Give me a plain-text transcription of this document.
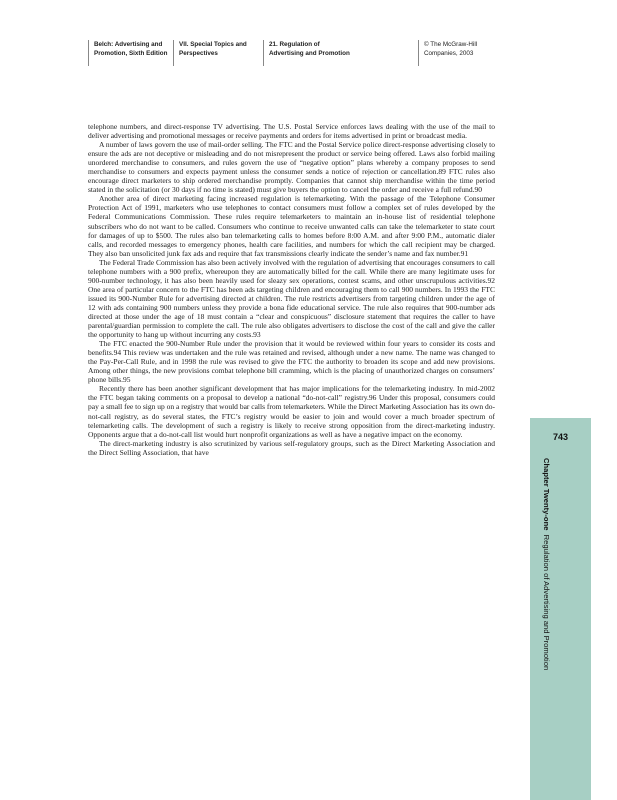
Belch: Advertising and
Promotion, Sixth Edition
VII. Special Topics and
Perspectives
21. Regulation of
Advertising and Promotion
© The McGraw-Hill
Companies, 2003

telephone numbers, and direct-response TV advertising. The U.S. Postal Service enforces laws dealing with the use of the mail to deliver advertising and promotional messages or receive payments and orders for items advertised in print or broadcast media.

A number of laws govern the use of mail-order selling. The FTC and the Postal Service police direct-response advertising closely to ensure the ads are not deceptive or misleading and do not misrepresent the product or service being offered. Laws also forbid mailing unordered merchandise to consumers, and rules govern the use of “negative option” plans whereby a company proposes to send merchandise to consumers and expects payment unless the consumer sends a notice of rejection or cancellation.89 FTC rules also encourage direct marketers to ship ordered merchandise promptly. Companies that cannot ship merchandise within the time period stated in the solicitation (or 30 days if no time is stated) must give buyers the option to cancel the order and receive a full refund.90

Another area of direct marketing facing increased regulation is telemarketing. With the passage of the Telephone Consumer Protection Act of 1991, marketers who use telephones to contact consumers must follow a complex set of rules developed by the Federal Communications Commission. These rules require telemarketers to maintain an in-house list of residential telephone subscribers who do not want to be called. Consumers who continue to receive unwanted calls can take the telemarketer to state court for damages of up to $500. The rules also ban telemarketing calls to homes before 8:00 A.M. and after 9:00 P.M., automatic dialer calls, and recorded messages to emergency phones, health care facilities, and numbers for which the call recipient may be charged. They also ban unsolicited junk fax ads and require that fax transmissions clearly indicate the sender’s name and fax number.91

The Federal Trade Commission has also been actively involved with the regulation of advertising that encourages consumers to call telephone numbers with a 900 prefix, whereupon they are automatically billed for the call. While there are many legitimate uses for 900-number technology, it has also been heavily used for sleazy sex operations, contest scams, and other unscrupulous activities.92 One area of particular concern to the FTC has been ads targeting children and encouraging them to call 900 numbers. In 1993 the FTC issued its 900-Number Rule for advertising directed at children. The rule restricts advertisers from targeting children under the age of 12 with ads containing 900 numbers unless they provide a bona fide educational service. The rule also requires that 900-number ads directed at those under the age of 18 must contain a “clear and conspicuous” disclosure statement that requires the caller to have parental/guardian permission to complete the call. The rule also obligates advertisers to disclose the cost of the call and give the caller the opportunity to hang up without incurring any costs.93

The FTC enacted the 900-Number Rule under the provision that it would be reviewed within four years to consider its costs and benefits.94 This review was undertaken and the rule was retained and revised, although under a new name. The name was changed to the Pay-Per-Call Rule, and in 1998 the rule was revised to give the FTC the authority to broaden its scope and add new provisions. Among other things, the new provisions combat telephone bill cramming, which is the placing of unauthorized charges on consumers’ phone bills.95

Recently there has been another significant development that has major implications for the telemarketing industry. In mid-2002 the FTC began taking comments on a proposal to develop a national “do-not-call” registry.96 Under this proposal, consumers could pay a small fee to sign up on a registry that would bar calls from telemarketers. While the Direct Marketing Association has its own do-not-call registry, as do several states, the FTC’s registry would be easier to join and would cover a much broader spectrum of telemarketing calls. The development of such a registry is likely to receive strong opposition from the direct-marketing industry. Opponents argue that a do-not-call list would hurt nonprofit organizations as well as have a negative impact on the economy.

The direct-marketing industry is also scrutinized by various self-regulatory groups, such as the Direct Marketing Association and the Direct Selling Association, that have

743
Chapter Twenty-one  Regulation of Advertising and Promotion
